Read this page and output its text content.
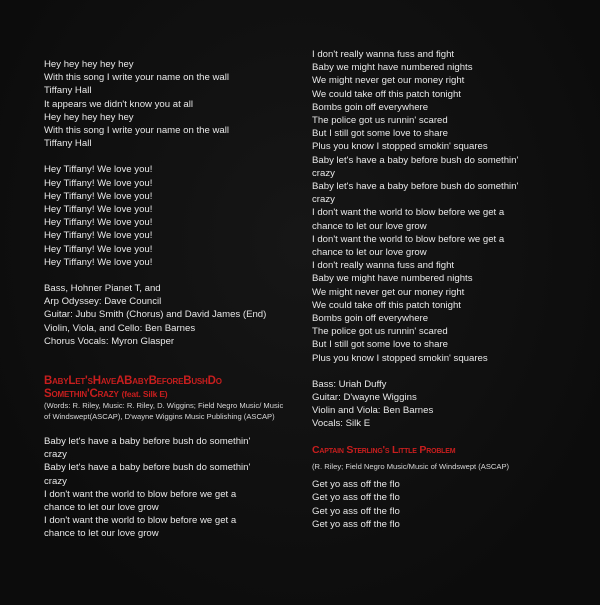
Hey hey hey hey hey
With this song I write your name on the wall
Tiffany Hall
It appears we didn't know you at all
Hey hey hey hey hey
With this song I write your name on the wall
Tiffany Hall
Hey Tiffany! We love you!
Hey Tiffany! We love you!
Hey Tiffany! We love you!
Hey Tiffany! We love you!
Hey Tiffany! We love you!
Hey Tiffany! We love you!
Hey Tiffany! We love you!
Hey Tiffany! We love you!
Bass, Hohner Pianet T, and
Arp Odyssey: Dave Council
Guitar: Jubu Smith (Chorus) and David James (End)
Violin, Viola, and Cello: Ben Barnes
Chorus Vocals: Myron Glasper
BabyLet'sHaveABabyBeforeBushDo
Somethin'Crazy (feat. Silk E)
(Words: R. Riley, Music: R. Riley, D. Wiggins; Field Negro Music/ Music
of Windswept(ASCAP), D'wayne Wiggins Music Publishing (ASCAP)
Baby let's have a baby before bush do somethin'
crazy
Baby let's have a baby before bush do somethin'
crazy
I don't want the world to blow before we get a
chance to let our love grow
I don't want the world to blow before we get a
chance to let our love grow
I don't really wanna fuss and fight
Baby we might have numbered nights
We might never get our money right
We could take off this patch tonight
Bombs goin off everywhere
The police got us runnin' scared
But I still got some love to share
Plus you know I stopped smokin' squares
Baby let's have a baby before bush do somethin'
crazy
Baby let's have a baby before bush do somethin'
crazy
I don't want the world to blow before we get a
chance to let our love grow
I don't want the world to blow before we get a
chance to let our love grow
I don't really wanna fuss and fight
Baby we might have numbered nights
We might never get our money right
We could take off this patch tonight
Bombs goin off everywhere
The police got us runnin' scared
But I still got some love to share
Plus you know I stopped smokin' squares
Bass: Uriah Duffy
Guitar: D'wayne Wiggins
Violin and Viola: Ben Barnes
Vocals: Silk E
Captain Sterling's Little Problem
(R. Riley; Field Negro Music/Music of Windswept (ASCAP)
Get yo ass off the flo
Get yo ass off the flo
Get yo ass off the flo
Get yo ass off the flo
